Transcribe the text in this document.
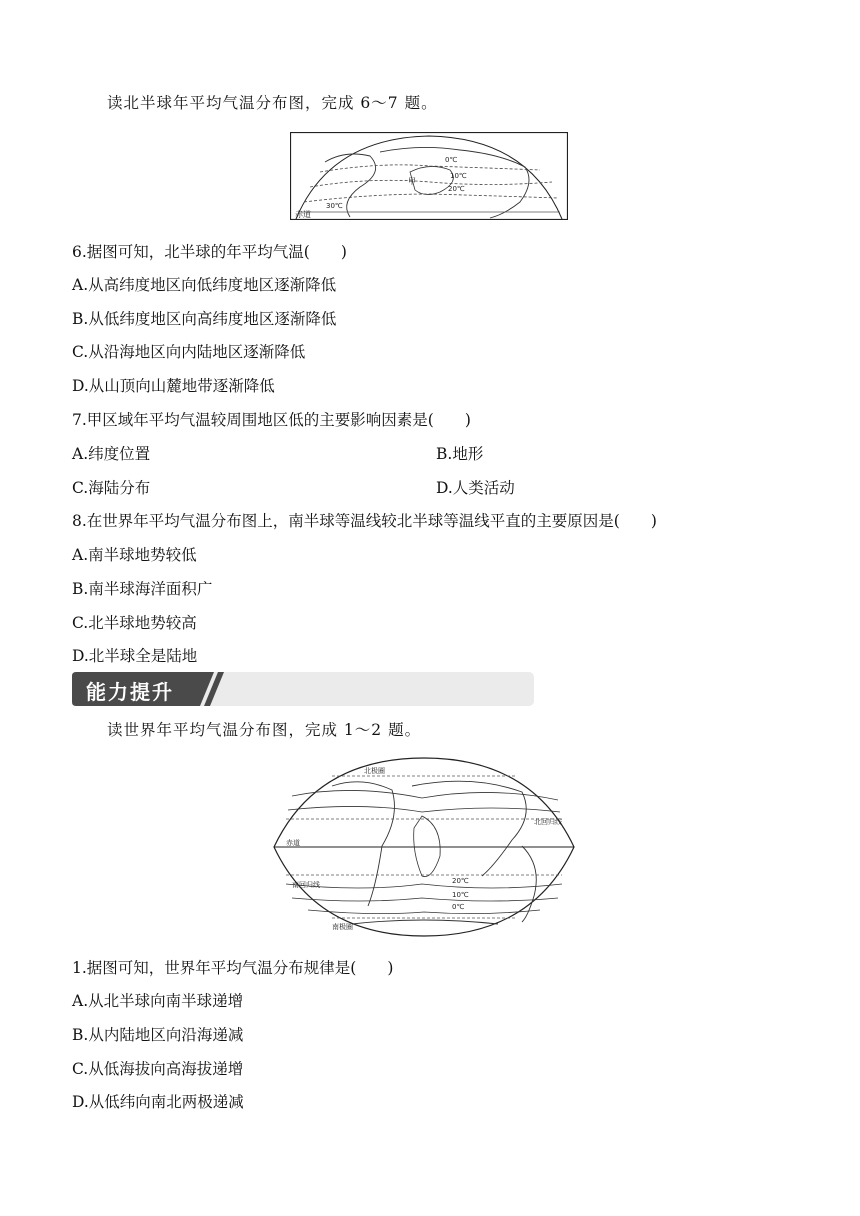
读北半球年平均气温分布图，完成 6～7 题。
赤道
0℃
10℃
20℃
30℃
甲
6.据图可知，北半球的年平均气温(　　)
A.从高纬度地区向低纬度地区逐渐降低
B.从低纬度地区向高纬度地区逐渐降低
C.从沿海地区向内陆地区逐渐降低
D.从山顶向山麓地带逐渐降低
7.甲区域年平均气温较周围地区低的主要影响因素是(　　)
A.纬度位置	B.地形
C.海陆分布	D.人类活动
8.在世界年平均气温分布图上，南半球等温线较北半球等温线平直的主要原因是(　　)
A.南半球地势较低
B.南半球海洋面积广
C.北半球地势较高
D.北半球全是陆地
能力提升
读世界年平均气温分布图，完成 1～2 题。
北极圈
北回归线
赤道
南回归线
南极圈
20℃
10℃
0℃
1.据图可知，世界年平均气温分布规律是(　　)
A.从北半球向南半球递增
B.从内陆地区向沿海递减
C.从低海拔向高海拔递增
D.从低纬向南北两极递减
